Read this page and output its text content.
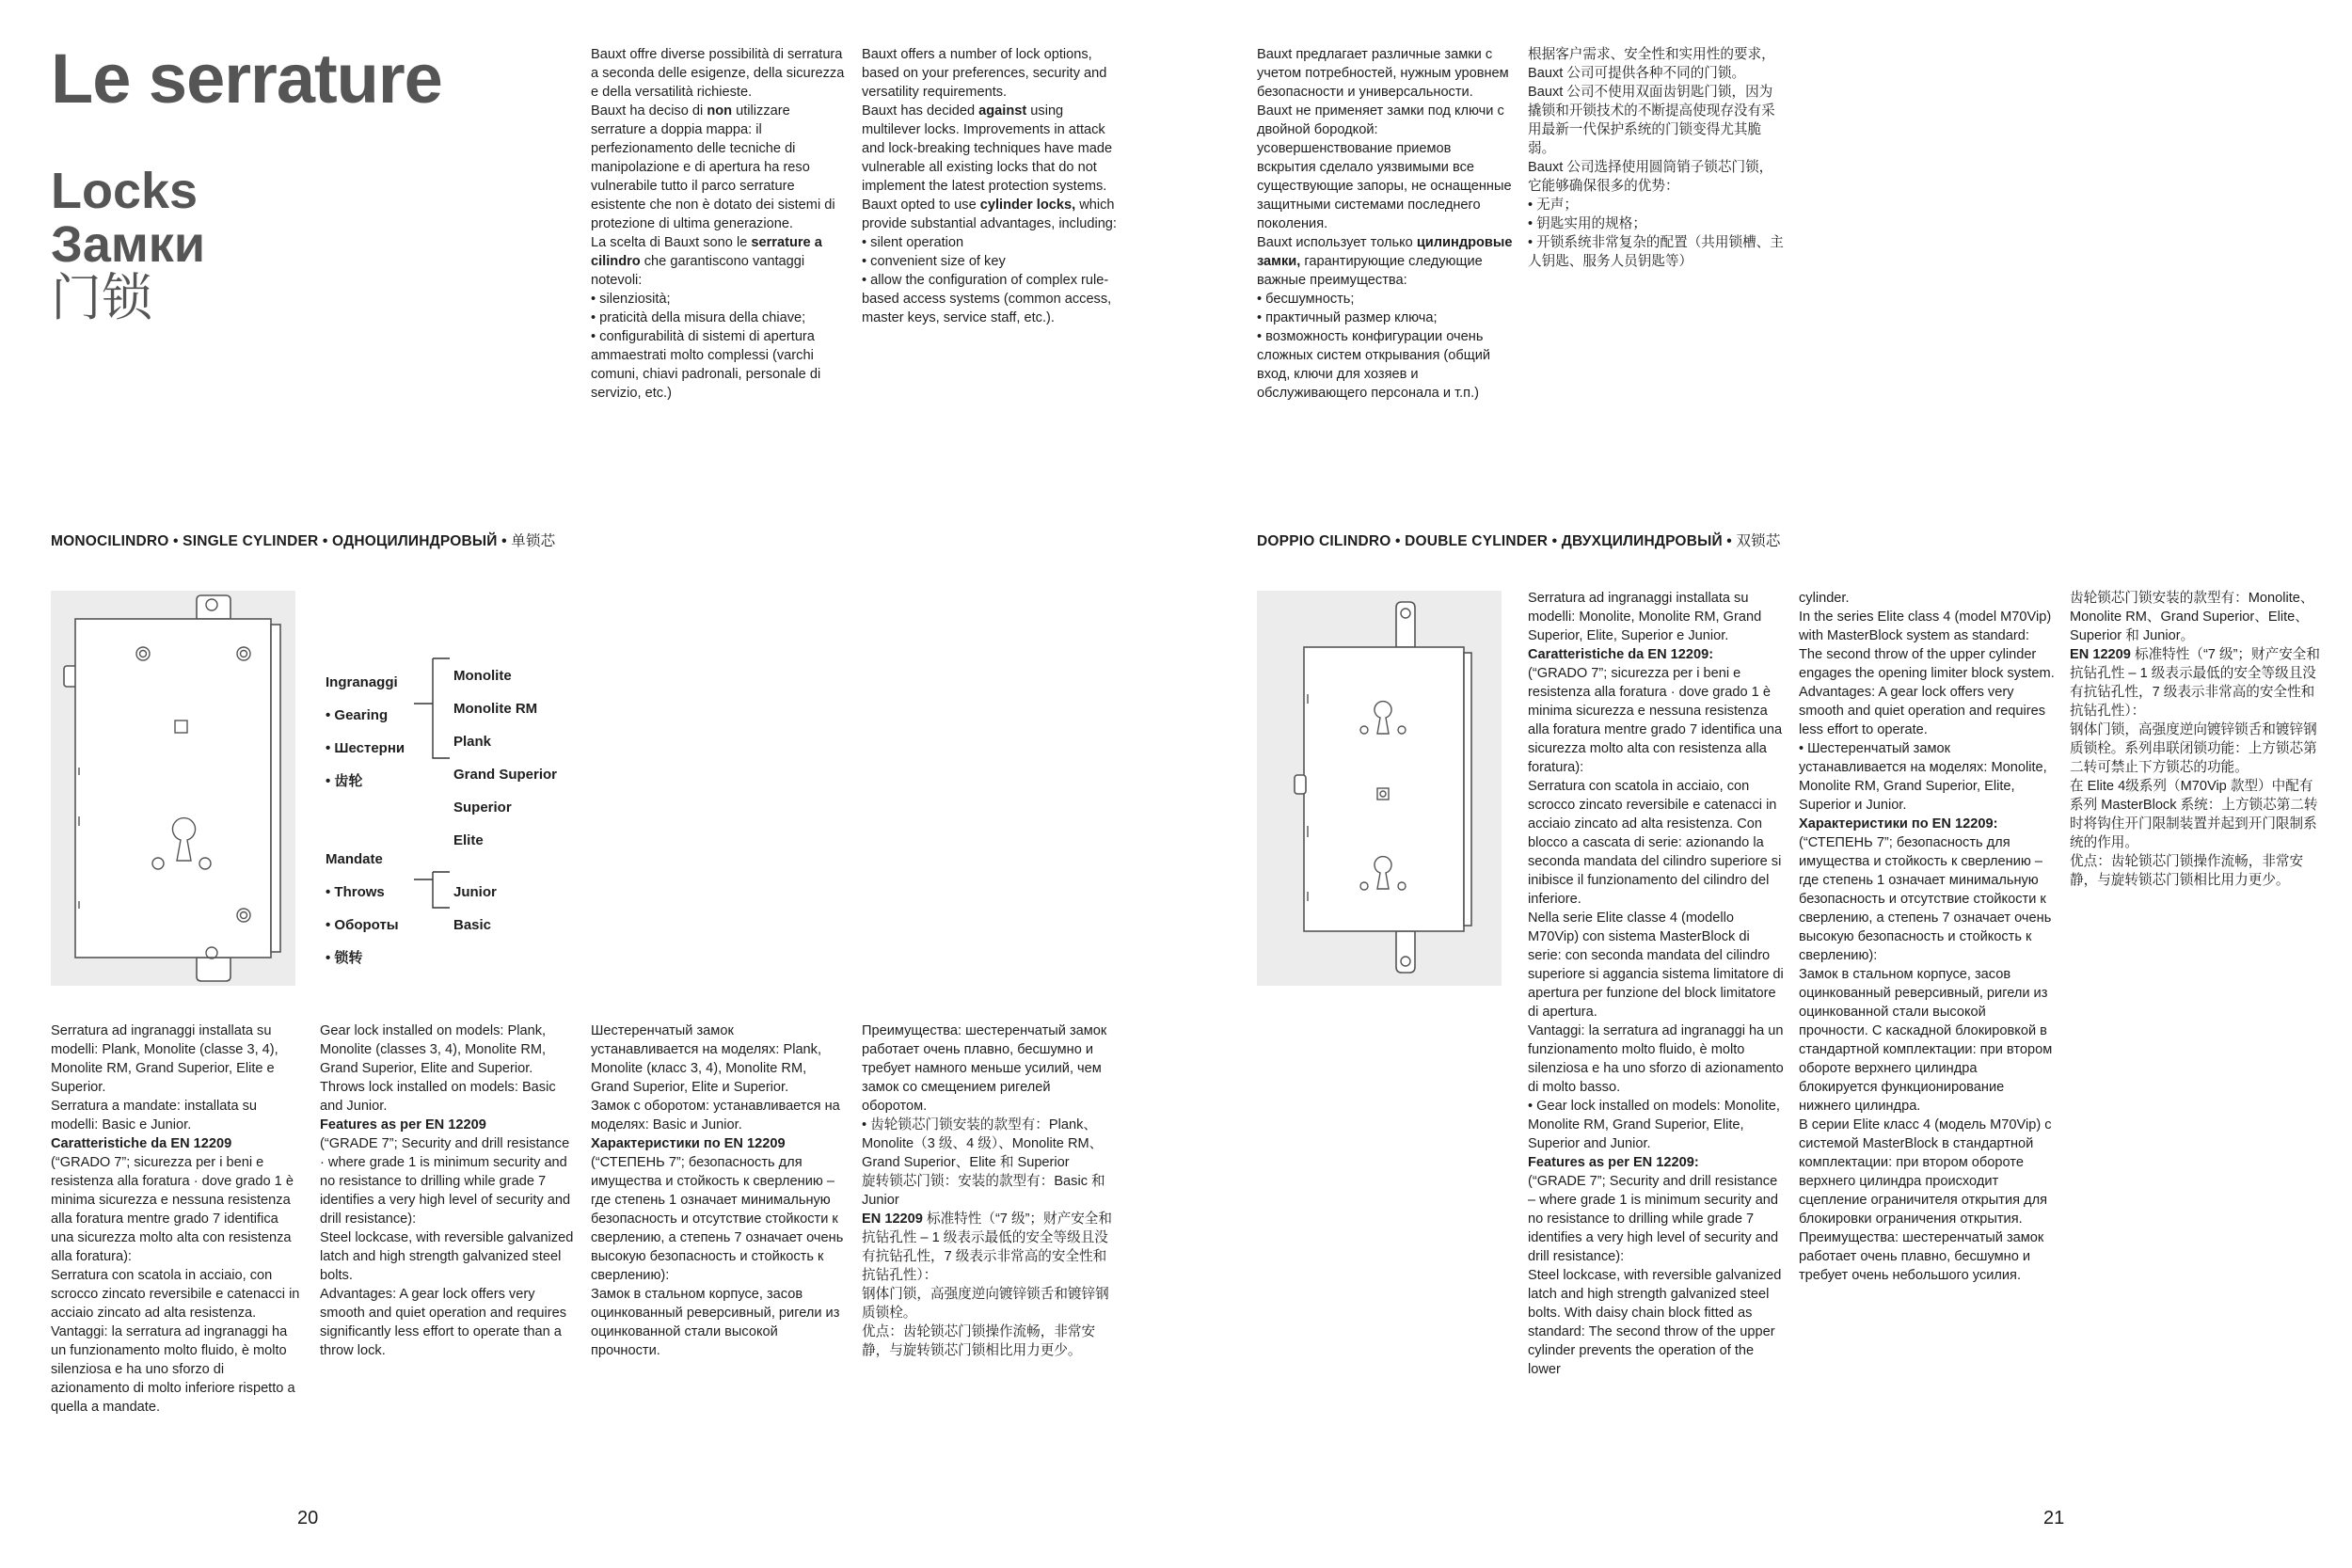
Le serrature
Locks
Замки
门锁

Bauxt offre diverse possibilità di serratura a seconda delle esigenze, della sicurezza e della versatilità richieste.

Bauxt ha deciso di non utilizzare serrature a doppia mappa: il perfezionamento delle tecniche di manipolazione e di apertura ha reso vulnerabile tutto il parco serrature esistente che non è dotato dei sistemi di protezione di ultima generazione.

La scelta di Bauxt sono le serrature a cilindro che garantiscono vantaggi notevoli:

• silenziosità;

• praticità della misura della chiave;

• configurabilità di sistemi di apertura ammaestrati molto complessi (varchi comuni, chiavi padronali, personale di servizio, etc.)

Bauxt offers a number of lock options, based on your preferences, security and versatility requirements.

Bauxt has decided against using multilever locks. Improvements in attack and lock-breaking techniques have made vulnerable all existing locks that do not implement the latest protection systems.

Bauxt opted to use cylinder locks, which provide substantial advantages, including:

• silent operation

• convenient size of key

• allow the configuration of complex rule-based access systems (common access, master keys, service staff, etc.).

MONOCILINDRO • SINGLE CYLINDER • ОДНОЦИЛИНДРОВЫЙ • 单锁芯
Ingranaggi

• Gearing

• Шестерни

• 齿轮

Monolite

Monolite RM

Plank

Grand Superior

Superior

Elite

Mandate

• Throws

• Обороты

• 锁转

Junior

Basic

Serratura ad ingranaggi installata su modelli: Plank, Monolite (classe 3, 4), Monolite RM, Grand Superior, Elite e Superior.

Serratura a mandate: installata su modelli: Basic e Junior.

Caratteristiche da EN 12209

(“GRADO 7”; sicurezza per i beni e resistenza alla foratura · dove grado 1 è minima sicurezza e nessuna resistenza alla foratura mentre grado 7 identifica una sicurezza molto alta con resistenza alla foratura):

Serratura con scatola in acciaio, con scrocco zincato reversibile e catenacci in acciaio zincato ad alta resistenza.

Vantaggi: la serratura ad ingranaggi ha un funzionamento molto fluido, è molto silenziosa e ha uno sforzo di azionamento di molto inferiore rispetto a quella a mandate.

Gear lock installed on models: Plank, Monolite (classes 3, 4), Monolite RM, Grand Superior, Elite and Superior.

Throws lock installed on models: Basic and Junior.

Features as per EN 12209

(“GRADE 7”; Security and drill resistance · where grade 1 is minimum security and no resistance to drilling while grade 7 identifies a very high level of security and drill resistance):

Steel lockcase, with reversible galvanized latch and high strength galvanized steel bolts.

Advantages: A gear lock offers very smooth and quiet operation and requires significantly less effort to operate than a throw lock.

Шестеренчатый замок устанавливается на моделях: Plank, Monolite (класс 3, 4), Monolite RM, Grand Superior, Elite и Superior.

Замок с оборотом: устанавливается на моделях: Basic и Junior.

Характеристики по EN 12209

(“СТЕПЕНЬ 7”; безопасность для имущества и стойкость к сверлению – где степень 1 означает минимальную безопасность и отсутствие стойкости к сверлению, а степень 7 означает очень высокую безопасность и стойкость к сверлению):

Замок в стальном корпусе, засов оцинкованный реверсивный, ригели из оцинкованной стали высокой прочности.

Преимущества: шестеренчатый замок работает очень плавно, бесшумно и требует намного меньше усилий, чем замок со смещением ригелей оборотом.

• 齿轮锁芯门锁安装的款型有：Plank、Monolite（3 级、4 级）、Monolite RM、Grand Superior、Elite 和 Superior

旋转锁芯门锁：安装的款型有：Basic 和 Junior

EN 12209 标准特性（“7 级”；财产安全和抗钻孔性 – 1 级表示最低的安全等级且没有抗钻孔性，7 级表示非常高的安全性和抗钻孔性）：

钢体门锁，高强度逆向镀锌锁舌和镀锌钢质锁栓。

优点：齿轮锁芯门锁操作流畅，非常安静，与旋转锁芯门锁相比用力更少。

20

Bauxt предлагает различные замки с учетом потребностей, нужным уровнем безопасности и универсальности.

Bauxt не применяет замки под ключи с двойной бородкой: усовершенствование приемов вскрытия сделало уязвимыми все существующие запоры, не оснащенные защитными системами последнего поколения.

Bauxt использует только цилиндровые замки, гарантирующие следующие важные преимущества:

• бесшумность;

• практичный размер ключа;

• возможность конфигурации очень сложных систем открывания (общий вход, ключи для хозяев и обслуживающего персонала и т.п.)

根据客户需求、安全性和实用性的要求，Bauxt 公司可提供各种不同的门锁。

Bauxt 公司不使用双面齿钥匙门锁，因为撬锁和开锁技术的不断提高使现存没有采用最新一代保护系统的门锁变得尤其脆弱。

Bauxt 公司选择使用圆筒销子锁芯门锁，它能够确保很多的优势：

• 无声；

• 钥匙实用的规格；

• 开锁系统非常复杂的配置（共用锁槽、主人钥匙、服务人员钥匙等）

DOPPIO CILINDRO • DOUBLE CYLINDER • ДВУХЦИЛИНДРОВЫЙ • 双锁芯

Serratura ad ingranaggi installata su modelli: Monolite, Monolite RM, Grand Superior, Elite, Superior e Junior.

Caratteristiche da EN 12209:

(“GRADO 7”; sicurezza per i beni e resistenza alla foratura · dove grado 1 è minima sicurezza e nessuna resistenza alla foratura mentre grado 7 identifica una sicurezza molto alta con resistenza alla foratura):

Serratura con scatola in acciaio, con scrocco zincato reversibile e catenacci in acciaio zincato ad alta resistenza. Con blocco a cascata di serie: azionando la seconda mandata del cilindro superiore si inibisce il funzionamento del cilindro del inferiore.

Nella serie Elite classe 4 (modello M70Vip) con sistema MasterBlock di serie: con seconda mandata del cilindro superiore si aggancia sistema limitatore di apertura per funzione del block limitatore di apertura.

Vantaggi: la serratura ad ingranaggi ha un funzionamento molto fluido, è molto silenziosa e ha uno sforzo di azionamento di molto basso.

• Gear lock installed on models: Monolite, Monolite RM, Grand Superior, Elite, Superior and Junior.

Features as per EN 12209:

(“GRADE 7”; Security and drill resistance – where grade 1 is minimum security and no resistance to drilling while grade 7 identifies a very high level of security and drill resistance):

Steel lockcase, with reversible galvanized latch and high strength galvanized steel bolts. With daisy chain block fitted as standard: The second throw of the upper cylinder prevents the operation of the lower

cylinder.

In the series Elite class 4 (model M70Vip) with MasterBlock system as standard: The second throw of the upper cylinder engages the opening limiter block system.

Advantages: A gear lock offers very smooth and quiet operation and requires less effort to operate.

• Шестеренчатый замок устанавливается на моделях: Monolite, Monolite RM, Grand Superior, Elite, Superior и Junior.

Характеристики по EN 12209:

(“СТЕПЕНЬ 7”; безопасность для имущества и стойкость к сверлению – где степень 1 означает минимальную безопасность и отсутствие стойкости к сверлению, а степень 7 означает очень высокую безопасность и стойкость к сверлению):

Замок в стальном корпусе, засов оцинкованный реверсивный, ригели из оцинкованной стали высокой прочности. С каскадной блокировкой в стандартной комплектации: при втором обороте верхнего цилиндра блокируется функционирование нижнего цилиндра.

В серии Elite класс 4 (модель M70Vip) с системой MasterBlock в стандартной комплектации: при втором обороте верхнего цилиндра происходит сцепление ограничителя открытия для блокировки ограничения открытия.

Преимущества: шестеренчатый замок работает очень плавно, бесшумно и требует очень небольшого усилия.

齿轮锁芯门锁安装的款型有：Monolite、Monolite RM、Grand Superior、Elite、Superior 和 Junior。

EN 12209 标准特性（“7 级”；财产安全和抗钻孔性 – 1 级表示最低的安全等级且没有抗钻孔性，7 级表示非常高的安全性和抗钻孔性）：

钢体门锁，高强度逆向镀锌锁舌和镀锌钢质锁栓。系列串联闭锁功能：上方锁芯第二转可禁止下方锁芯的功能。

在 Elite 4级系列（M70Vip 款型）中配有系列 MasterBlock 系统：上方锁芯第二转时将钩住开门限制装置并起到开门限制系统的作用。

优点：齿轮锁芯门锁操作流畅，非常安静，与旋转锁芯门锁相比用力更少。

21
